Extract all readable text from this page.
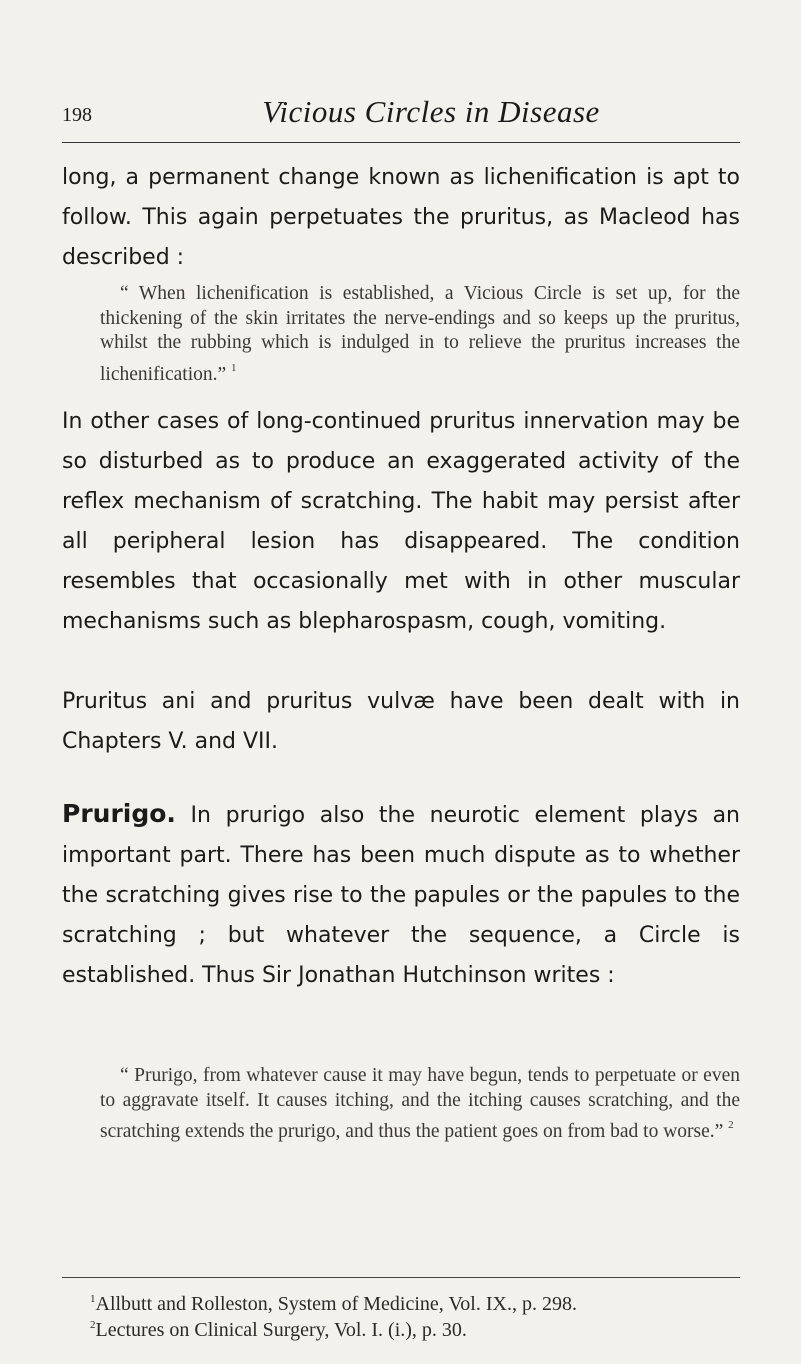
198	Vicious Circles in Disease

long, a permanent change known as lichenification is apt to follow. This again perpetuates the pruritus, as Macleod has described :

“ When lichenification is established, a Vicious Circle is set up, for the thickening of the skin irritates the nerve-endings and so keeps up the pruritus, whilst the rubbing which is indulged in to relieve the pruritus increases the lichenification.” $^1$

In other cases of long-continued pruritus innervation may be so disturbed as to produce an exaggerated activity of the reflex mechanism of scratching. The habit may persist after all peripheral lesion has disappeared. The condition resembles that occasionally met with in other muscular mechanisms such as blepharospasm, cough, vomiting.

Pruritus ani and pruritus vulvæ have been dealt with in Chapters V. and VII.

Prurigo. In prurigo also the neurotic element plays an important part. There has been much dispute as to whether the scratching gives rise to the papules or the papules to the scratching ; but whatever the sequence, a Circle is established. Thus Sir Jonathan Hutchinson writes :

“ Prurigo, from whatever cause it may have begun, tends to perpetuate or even to aggravate itself. It causes itching, and the itching causes scratching, and the scratching extends the prurigo, and thus the patient goes on from bad to worse.” $^2$

$^1$Allbutt and Rolleston, System of Medicine, Vol. IX., p. 298.

$^2$Lectures on Clinical Surgery, Vol. I. (i.), p. 30.
